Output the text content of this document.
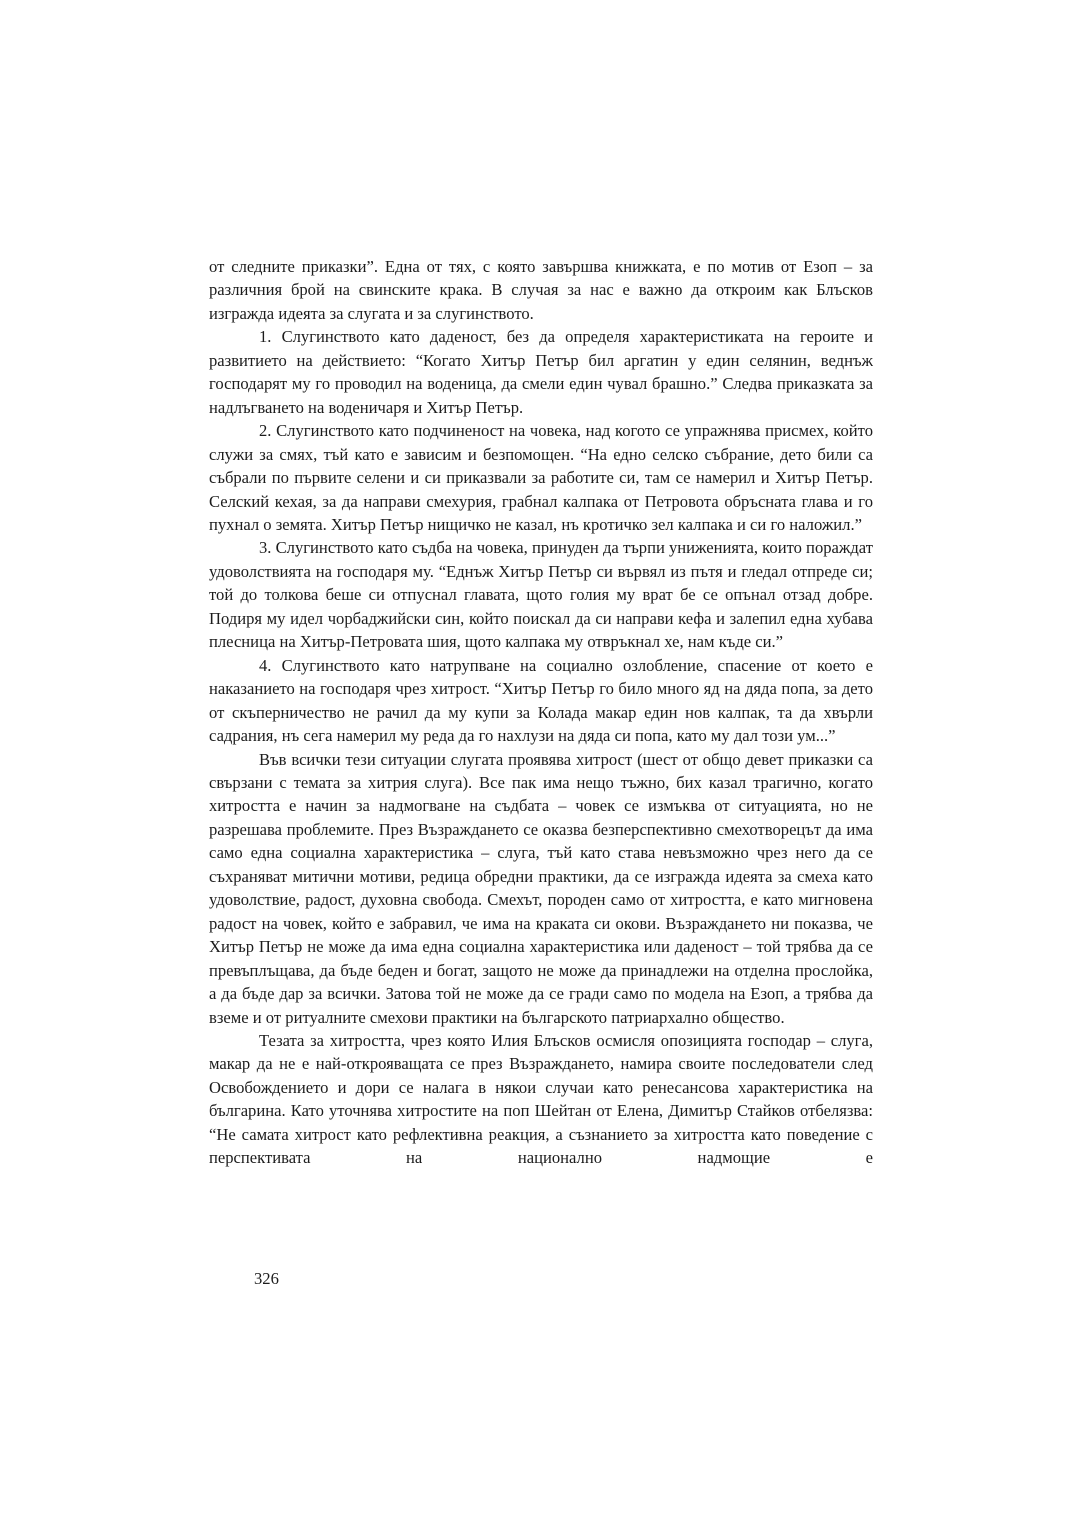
от следните приказки”. Една от тях, с която завършва книжката, е по мотив от Езоп – за различния брой на свинските крака. В случая за нас е важно да откроим как Блъсков изгражда идеята за слугата и за слугинството.

1. Слугинството като даденост, без да определя характеристиката на героите и развитието на действието: “Когато Хитър Петър бил аргатин у един селянин, веднъж господарят му го проводил на воденица, да смели един чувал брашно.” Следва приказката за надлъгването на воденичаря и Хитър Петър.

2. Слугинството като подчиненост на човека, над когото се упражнява присмех, който служи за смях, тъй като е зависим и безпомощен. “На едно селско събрание, дето били са събрали по първите селени и си приказвали за работите си, там се намерил и Хитър Петър. Селский кехая, за да направи смехурия, грабнал калпака от Петровота обръсната глава и го пухнал о земята. Хитър Петър нищичко не казал, нъ кротичко зел калпака и си го наложил.”

3. Слугинството като съдба на човека, принуден да търпи униженията, които пораждат удоволствията на господаря му. “Еднъж Хитър Петър си вървял из пътя и гледал отпреде си; той до толкова беше си отпуснал главата, щото голия му врат бе се опънал отзад добре. Подиря му идел чорбаджийски син, който поискал да си направи кефа и залепил една хубава плесница на Хитър-Петровата шия, щото калпака му отвръкнал хе, нам къде си.”

4. Слугинството като натрупване на социално озлобление, спасение от което е наказанието на господаря чрез хитрост. “Хитър Петър го било много яд на дяда попа, за дето от скъперничество не рачил да му купи за Колада макар един нов калпак, та да хвърли садрания, нъ сега намерил му реда да го нахлузи на дяда си попа, като му дал този ум...”

Във всички тези ситуации слугата проявява хитрост (шест от общо девет приказки са свързани с темата за хитрия слуга). Все пак има нещо тъжно, бих казал трагично, когато хитростта е начин за надмогване на съдбата – човек се измъква от ситуацията, но не разрешава проблемите. През Възраждането се оказва безперспективно смехотворецът да има само една социална характеристика – слуга, тъй като става невъзможно чрез него да се съхраняват митични мотиви, редица обредни практики, да се изгражда идеята за смеха като удоволствие, радост, духовна свобода. Смехът, породен само от хитростта, е като мигновена радост на човек, който е забравил, че има на краката си окови. Възраждането ни показва, че Хитър Петър не може да има една социална характеристика или даденост – той трябва да се превъплъщава, да бъде беден и богат, защото не може да принадлежи на отделна прослойка, а да бъде дар за всички. Затова той не може да се гради само по модела на Езоп, а трябва да вземе и от ритуалните смехови практики на българското патриархално общество.

Тезата за хитростта, чрез която Илия Блъсков осмисля опозицията господар – слуга, макар да не е най-открояващата се през Възраждането, намира своите последователи след Освобождението и дори се налага в някои случаи като ренесансова характеристика на българина. Като уточнява хитростите на поп Шейтан от Елена, Димитър Стайков отбелязва: “Не самата хитрост като рефлективна реакция, а съзнанието за хитростта като поведение с перспективата на национално надмощие е

326
